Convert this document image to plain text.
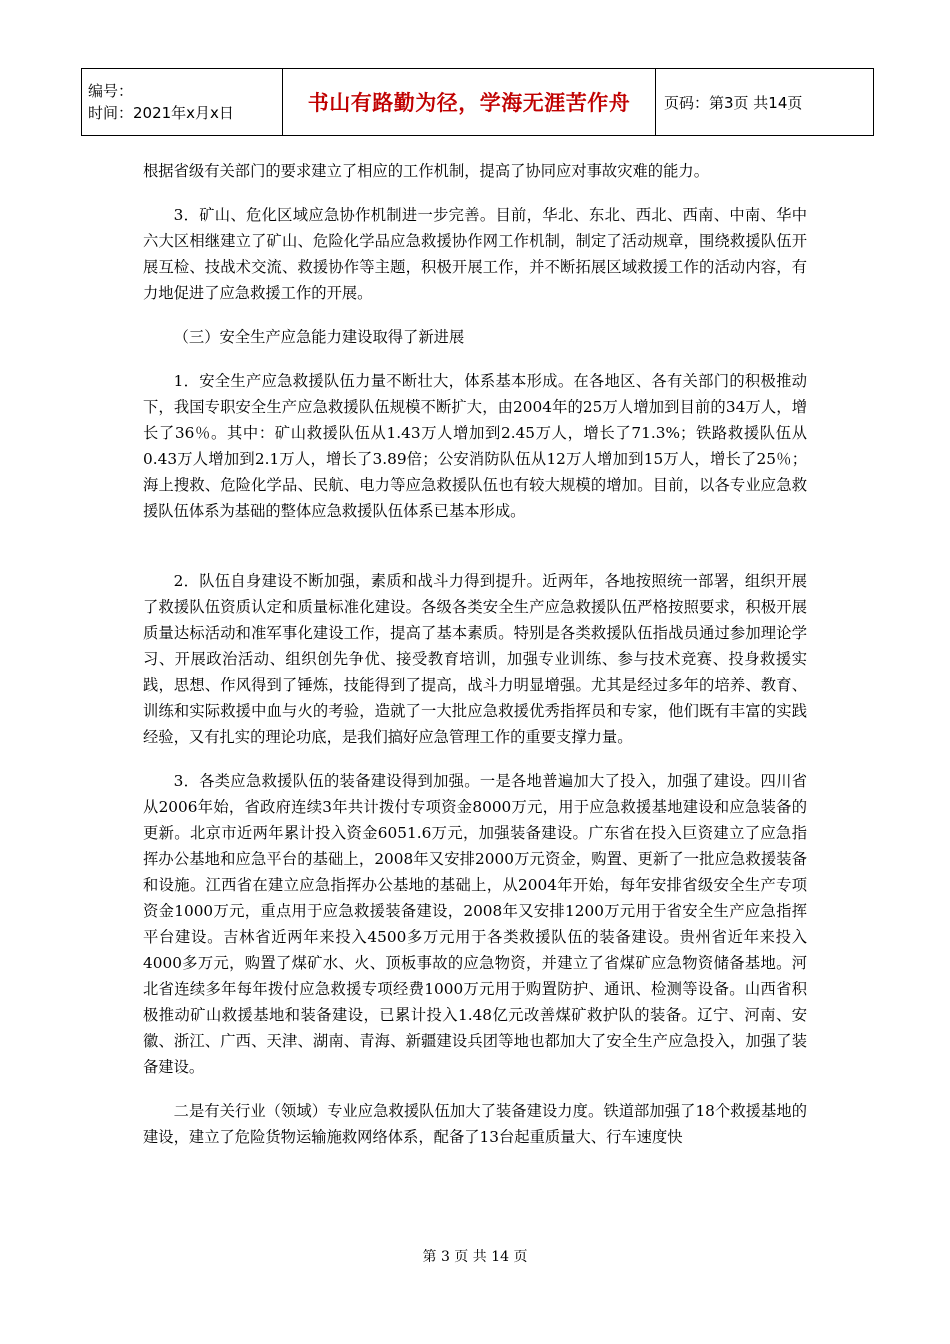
编号：
时间：2021年x月x日	书山有路勤为径，学海无涯苦作舟	页码：第3页 共14页

根据省级有关部门的要求建立了相应的工作机制，提高了协同应对事故灾难的能力。

3．矿山、危化区域应急协作机制进一步完善。目前，华北、东北、西北、西南、中南、华中六大区相继建立了矿山、危险化学品应急救援协作网工作机制，制定了活动规章，围绕救援队伍开展互检、技战术交流、救援协作等主题，积极开展工作，并不断拓展区域救援工作的活动内容，有力地促进了应急救援工作的开展。

（三）安全生产应急能力建设取得了新进展

1．安全生产应急救援队伍力量不断壮大，体系基本形成。在各地区、各有关部门的积极推动下，我国专职安全生产应急救援队伍规模不断扩大，由2004年的25万人增加到目前的34万人，增长了36％。其中：矿山救援队伍从1.43万人增加到2.45万人，增长了71.3%；铁路救援队伍从0.43万人增加到2.1万人，增长了3.89倍；公安消防队伍从12万人增加到15万人，增长了25％；海上搜救、危险化学品、民航、电力等应急救援队伍也有较大规模的增加。目前，以各专业应急救援队伍体系为基础的整体应急救援队伍体系已基本形成。

2．队伍自身建设不断加强，素质和战斗力得到提升。近两年，各地按照统一部署，组织开展了救援队伍资质认定和质量标准化建设。各级各类安全生产应急救援队伍严格按照要求，积极开展质量达标活动和准军事化建设工作，提高了基本素质。特别是各类救援队伍指战员通过参加理论学习、开展政治活动、组织创先争优、接受教育培训，加强专业训练、参与技术竞赛、投身救援实践，思想、作风得到了锤炼，技能得到了提高，战斗力明显增强。尤其是经过多年的培养、教育、训练和实际救援中血与火的考验，造就了一大批应急救援优秀指挥员和专家，他们既有丰富的实践经验，又有扎实的理论功底，是我们搞好应急管理工作的重要支撑力量。

3．各类应急救援队伍的装备建设得到加强。一是各地普遍加大了投入，加强了建设。四川省从2006年始，省政府连续3年共计拨付专项资金8000万元，用于应急救援基地建设和应急装备的更新。北京市近两年累计投入资金6051.6万元，加强装备建设。广东省在投入巨资建立了应急指挥办公基地和应急平台的基础上，2008年又安排2000万元资金，购置、更新了一批应急救援装备和设施。江西省在建立应急指挥办公基地的基础上，从2004年开始，每年安排省级安全生产专项资金1000万元，重点用于应急救援装备建设，2008年又安排1200万元用于省安全生产应急指挥平台建设。吉林省近两年来投入4500多万元用于各类救援队伍的装备建设。贵州省近年来投入4000多万元，购置了煤矿水、火、顶板事故的应急物资，并建立了省煤矿应急物资储备基地。河北省连续多年每年拨付应急救援专项经费1000万元用于购置防护、通讯、检测等设备。山西省积极推动矿山救援基地和装备建设，已累计投入1.48亿元改善煤矿救护队的装备。辽宁、河南、安徽、浙江、广西、天津、湖南、青海、新疆建设兵团等地也都加大了安全生产应急投入，加强了装备建设。

二是有关行业（领域）专业应急救援队伍加大了装备建设力度。铁道部加强了18个救援基地的建设，建立了危险货物运输施救网络体系，配备了13台起重质量大、行车速度快

第 3 页 共 14 页
